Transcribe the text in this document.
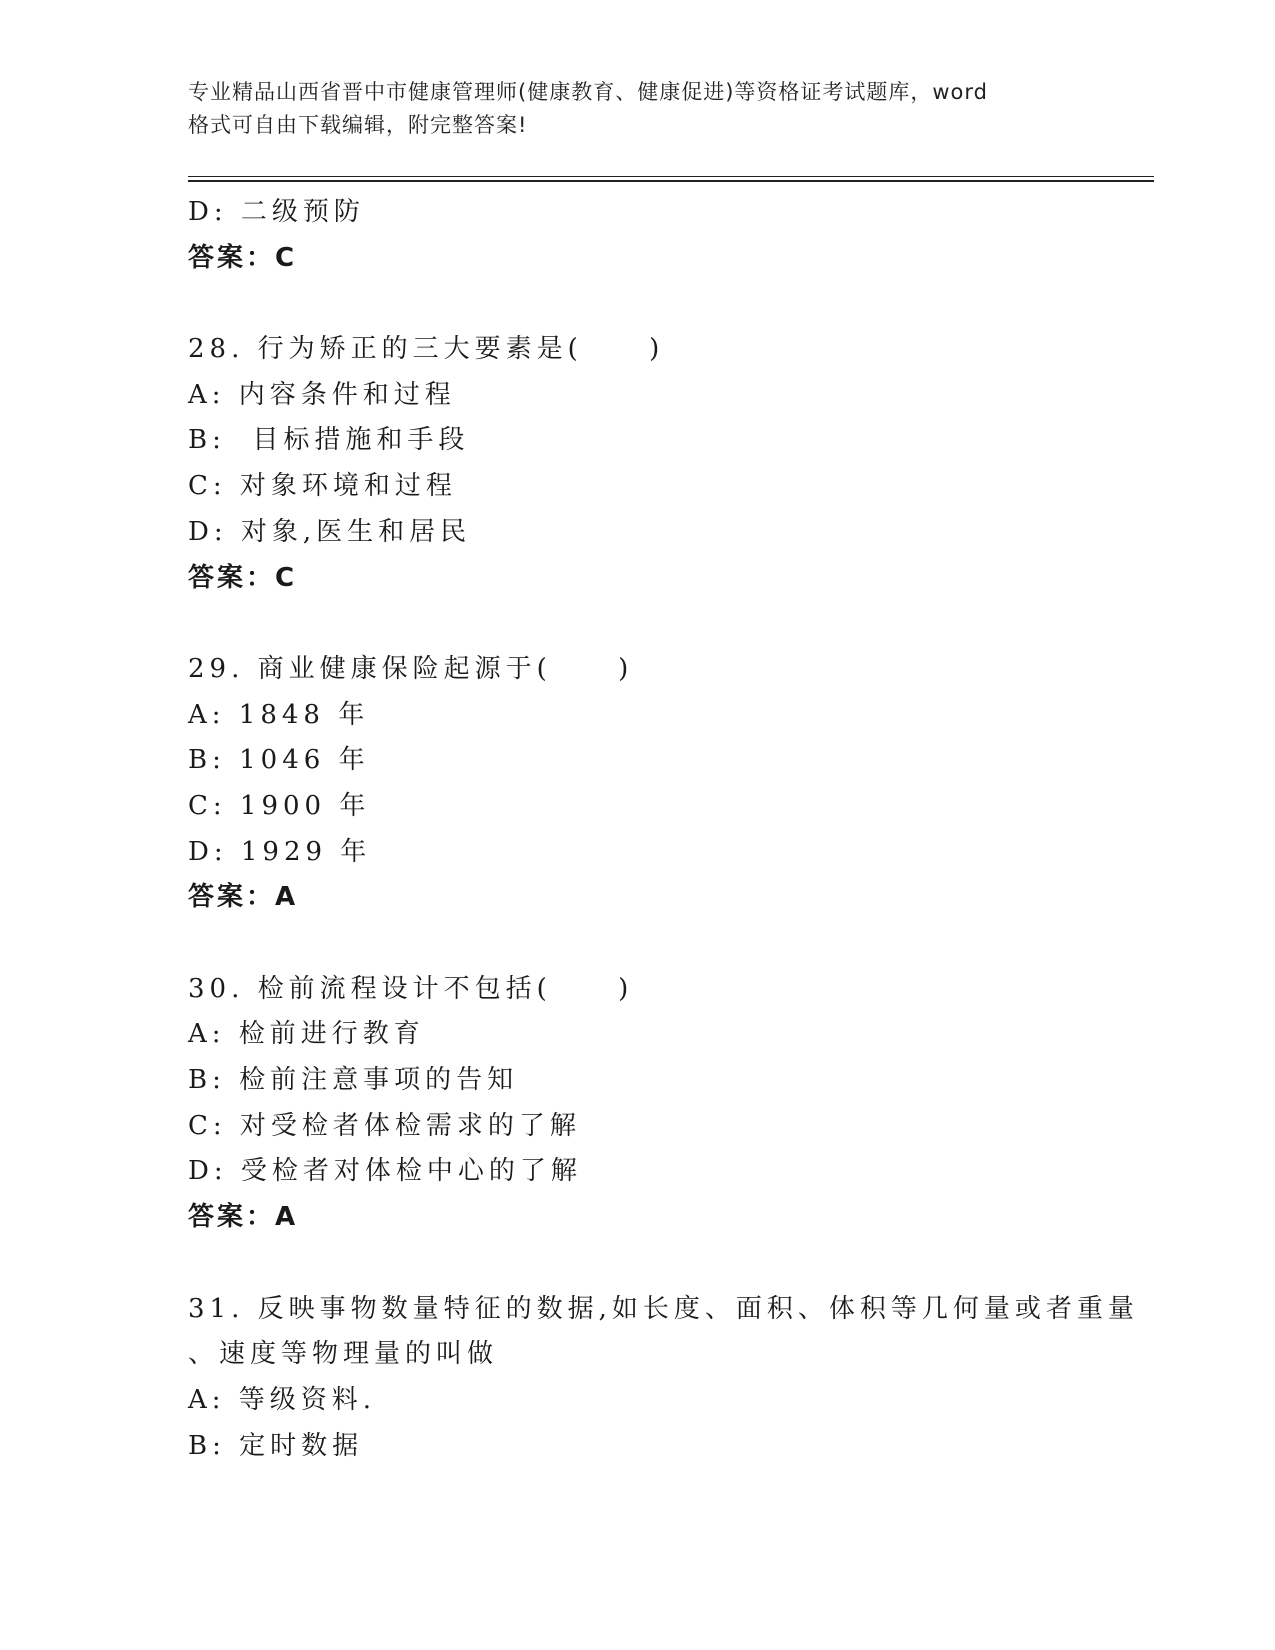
专业精品山西省晋中市健康管理师(健康教育、健康促进)等资格证考试题库，word
格式可自由下载编辑，附完整答案!
D: 二级预防
答案：C
28. 行为矫正的三大要素是(     )
A: 内容条件和过程
B:  目标措施和手段
C: 对象环境和过程
D: 对象,医生和居民
答案：C
29. 商业健康保险起源于(     )
A: 1848 年
B: 1046 年
C: 1900 年
D: 1929 年
答案：A
30. 检前流程设计不包括(     )
A: 检前进行教育
B: 检前注意事项的告知
C: 对受检者体检需求的了解
D: 受检者对体检中心的了解
答案：A
31. 反映事物数量特征的数据,如长度、面积、体积等几何量或者重量
、速度等物理量的叫做
A: 等级资料.
B: 定时数据
